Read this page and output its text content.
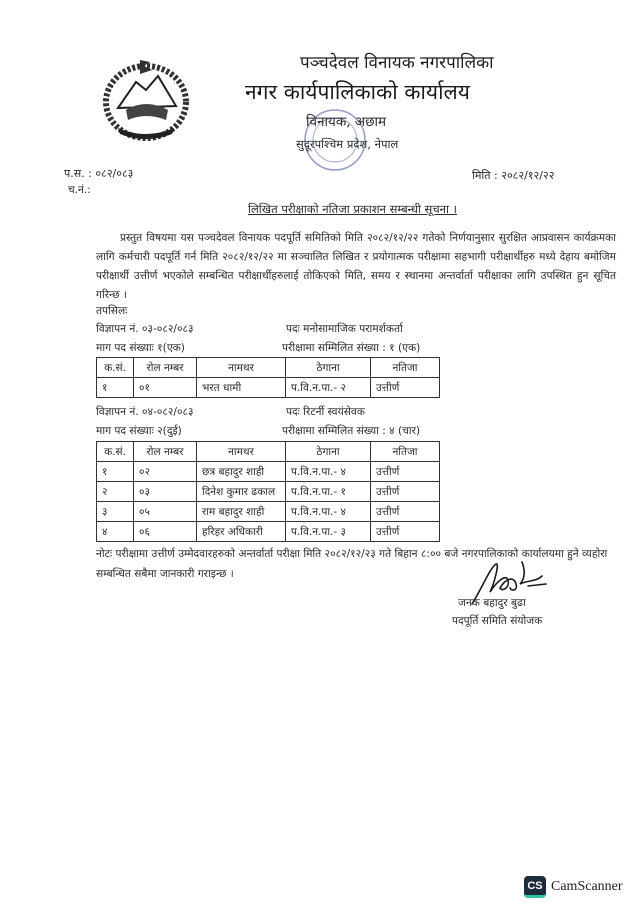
पञ्चदेवल विनायक नगरपालिका
नगर कार्यपालिकाको कार्यालय
विनायक, अछाम
सुदूरपश्चिम प्रदेश, नेपाल
प.स. : ०८२/०८३
च.नं.:
मिति : २०८२/१२/२२
लिखित परीक्षाको नतिजा प्रकाशन सम्बन्धी सूचना ।
प्रस्तुत विषयमा यस पञ्चदेवल विनायक पदपूर्ति समितिको मिति २०८२/१२/२२ गतेको निर्णयानुसार सुरक्षित आप्रवासन कार्यक्रमका लागि कर्मचारी पदपूर्ति गर्न मिति २०८२/१२/२२ मा सञ्चालित लिखित र प्रयोगात्मक परीक्षामा सहभागी परीक्षार्थीहरु मध्ये देहाय बमोजिम परीक्षार्थी उत्तीर्ण भएकोले सम्बन्धित परीक्षार्थीहरुलाई तोकिएको मिति, समय र स्थानमा अन्तर्वार्ता परीक्षाका लागि उपस्थित हुन सूचित गरिन्छ ।
तपसिलः
विज्ञापन नं. ०३-०८२/०८३	पदः मनोसामाजिक परामर्शकर्ता
माग पद संख्याः १(एक)	परीक्षामा सम्मिलित संख्या : १ (एक)
क.सं.	रोल नम्बर	नामथर	ठेगाना	नतिजा
१	०१	भरत धामी	प.वि.न.पा.- २	उत्तीर्ण
विज्ञापन नं. ०४-०८२/०८३	पदः रिटर्नी स्वयंसेवक
माग पद संख्याः २(दुई)	परीक्षामा सम्मिलित संख्या : ४ (चार)
क.सं.	रोल नम्बर	नामथर	ठेगाना	नतिजा
१	०२	छत्र बहादुर शाही	प.वि.न.पा.- ४	उत्तीर्ण
२	०३	दिनेश कुमार ढकाल	प.वि.न.पा.- १	उत्तीर्ण
३	०५	राम बहादुर शाही	प.वि.न.पा.- ४	उत्तीर्ण
४	०६	हरिहर अधिकारी	प.वि.न.पा.- ३	उत्तीर्ण
नोटः परीक्षामा उत्तीर्ण उम्मेदवारहरुको अन्तर्वार्ता परीक्षा मिति २०८२/१२/२३ गते बिहान ८:०० बजे नगरपालिकाको कार्यालयमा हुने व्यहोरा सम्बन्धित सबैमा जानकारी गराइन्छ ।
जनक बहादुर बुढा
पदपूर्ति समिति संयोजक
CS CamScanner
